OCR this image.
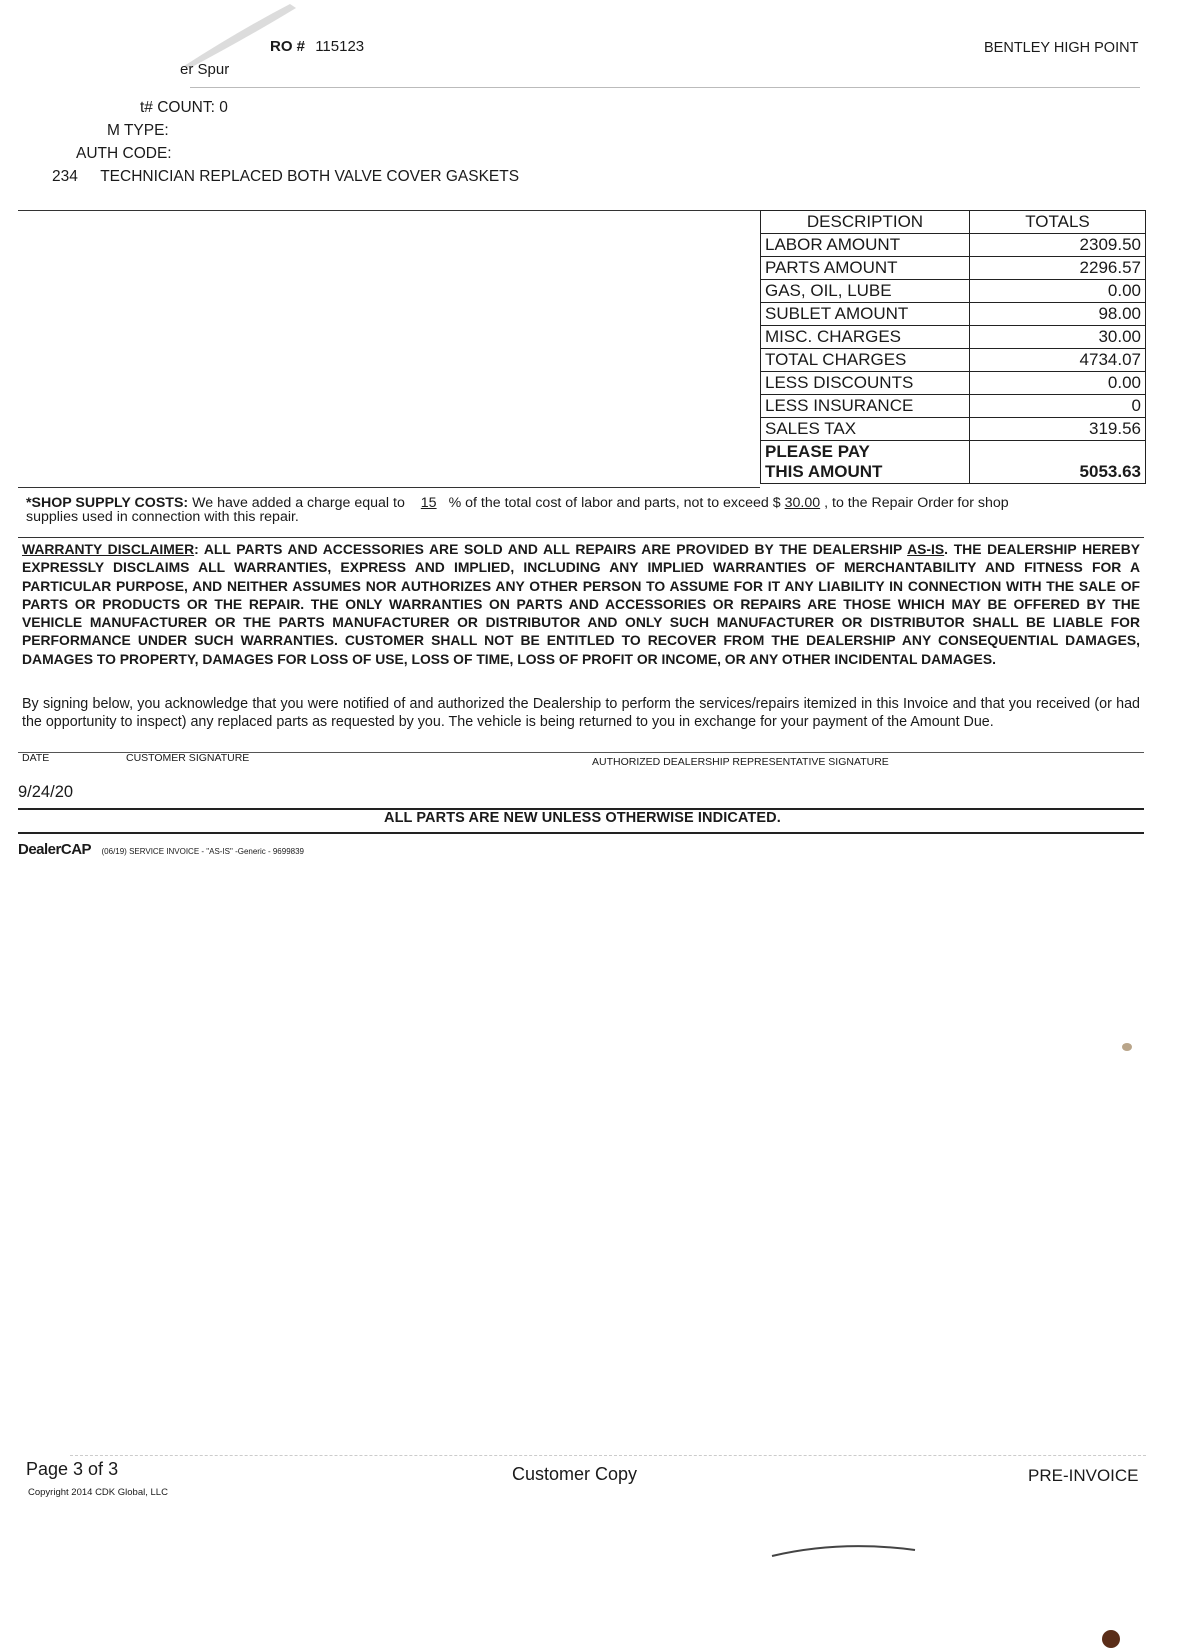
RO # 115123	BENTLEY HIGH POINT
er Spur
t# COUNT: 0
M TYPE:
AUTH CODE:
234 TECHNICIAN REPLACED BOTH VALVE COVER GASKETS
DESCRIPTION	TOTALS
LABOR AMOUNT	2309.50
PARTS AMOUNT	2296.57
GAS, OIL, LUBE	0.00
SUBLET AMOUNT	98.00
MISC. CHARGES	30.00
TOTAL CHARGES	4734.07
LESS DISCOUNTS	0.00
LESS INSURANCE	0
SALES TAX	319.56

PLEASE PAY
THIS AMOUNT	5053.63
*SHOP SUPPLY COSTS: We have added a charge equal to 15 % of the total cost of labor and parts, not to exceed $ 30.00 , to the Repair Order for shop
supplies used in connection with this repair.
WARRANTY DISCLAIMER: ALL PARTS AND ACCESSORIES ARE SOLD AND ALL REPAIRS ARE PROVIDED BY THE DEALERSHIP AS-IS. THE DEALERSHIP HEREBY EXPRESSLY DISCLAIMS ALL WARRANTIES, EXPRESS AND IMPLIED, INCLUDING ANY IMPLIED WARRANTIES OF MERCHANTABILITY AND FITNESS FOR A PARTICULAR PURPOSE, AND NEITHER ASSUMES NOR AUTHORIZES ANY OTHER PERSON TO ASSUME FOR IT ANY LIABILITY IN CONNECTION WITH THE SALE OF PARTS OR PRODUCTS OR THE REPAIR. THE ONLY WARRANTIES ON PARTS AND ACCESSORIES OR REPAIRS ARE THOSE WHICH MAY BE OFFERED BY THE VEHICLE MANUFACTURER OR THE PARTS MANUFACTURER OR DISTRIBUTOR AND ONLY SUCH MANUFACTURER OR DISTRIBUTOR SHALL BE LIABLE FOR PERFORMANCE UNDER SUCH WARRANTIES. CUSTOMER SHALL NOT BE ENTITLED TO RECOVER FROM THE DEALERSHIP ANY CONSEQUENTIAL DAMAGES, DAMAGES TO PROPERTY, DAMAGES FOR LOSS OF USE, LOSS OF TIME, LOSS OF PROFIT OR INCOME, OR ANY OTHER INCIDENTAL DAMAGES.
By signing below, you acknowledge that you were notified of and authorized the Dealership to perform the services/repairs itemized in this Invoice and that you received (or had the opportunity to inspect) any replaced parts as requested by you. The vehicle is being returned to you in exchange for your payment of the Amount Due.
DATE	CUSTOMER SIGNATURE	AUTHORIZED DEALERSHIP REPRESENTATIVE SIGNATURE
9/24/20
ALL PARTS ARE NEW UNLESS OTHERWISE INDICATED.
DealerCAP (06/19) SERVICE INVOICE - "AS-IS" -Generic - 9699839
Page 3 of 3
Copyright 2014 CDK Global, LLC
Customer Copy	PRE-INVOICE
